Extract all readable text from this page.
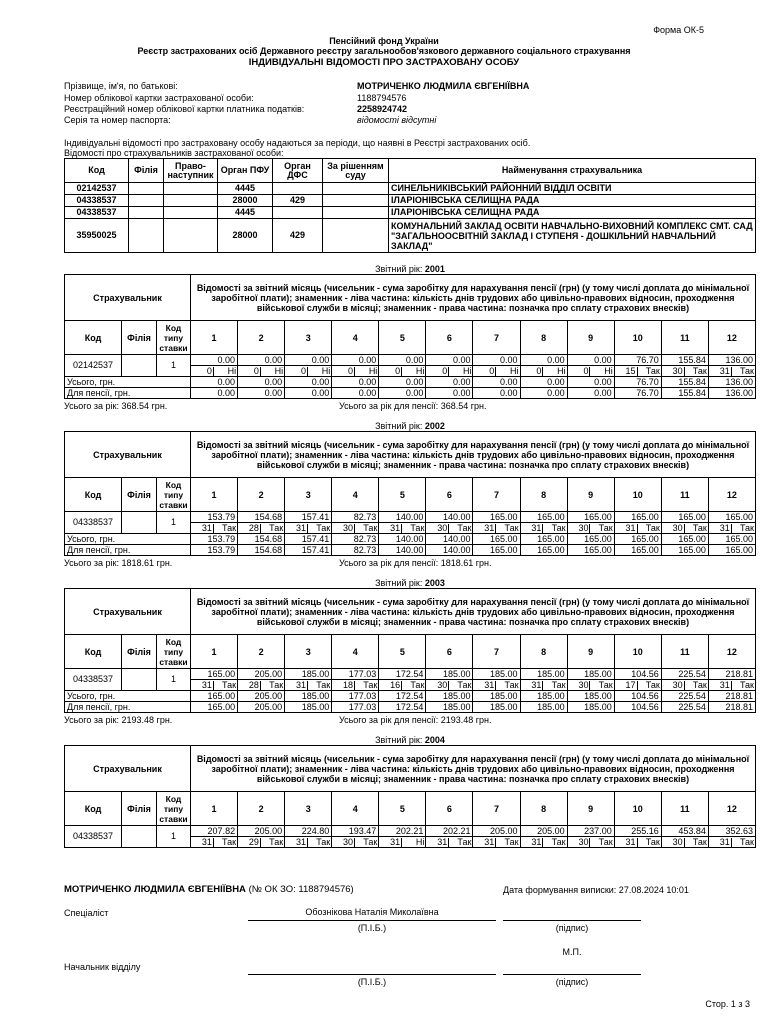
Форма ОК-5
Пенсійний фонд України
Реєстр застрахованих осіб Державного реєстру загальнообов'язкового державного соціального страхування
ІНДИВІДУАЛЬНІ ВІДОМОСТІ ПРО ЗАСТРАХОВАНУ ОСОБУ
Прізвище, ім'я, по батькові:	МОТРИЧЕНКО ЛЮДМИЛА ЄВГЕНІЇВНА
Номер облікової картки застрахованої особи:	1188794576
Реєстраційний номер облікової картки платника податків:	2258924742
Серія та номер паспорта:	відомості відсутні
Індивідуальні відомості про застраховану особу надаються за періоди, що наявні в Реєстрі застрахованих осіб.
Відомості про страхувальників застрахованої особи:
Код	Філія	Право-наступник	Орган ПФУ	Орган ДФС	За рішенням суду	Найменування страхувальника
02142537			4445			СИНЕЛЬНИКІВСЬКИЙ РАЙОННИЙ ВІДДІЛ ОСВІТИ
04338537			28000	429		ІЛАРІОНІВСЬКА СЕЛИЩНА РАДА
04338537			4445			ІЛАРІОНІВСЬКА СЕЛИЩНА РАДА
35950025			28000	429		КОМУНАЛЬНИЙ ЗАКЛАД ОСВІТИ НАВЧАЛЬНО-ВИХОВНИЙ КОМПЛЕКС СМТ. САД "ЗАГАЛЬНООСВІТНІЙ ЗАКЛАД І СТУПЕНЯ - ДОШКІЛЬНИЙ НАВЧАЛЬНИЙ ЗАКЛАД"
Звітний рік: 2001
Страхувальник			Відомості за звітний місяць (чисельник - сума заробітку для нарахування пенсії (грн) (у тому числі доплата до мінімальної заробітної плати); знаменник - ліва частина: кількість днів трудових або цивільно-правових відносин, проходження військової служби в місяці; знаменник - права частина: позначка про сплату страхових внесків)											
Код	Філія	Код типу ставки	1	2	3	4	5	6	7	8	9	10	11	12
02142537		1	0.00	0.00	0.00	0.00	0.00	0.00	0.00	0.00	0.00	76.70	155.84	136.00

			0 Ні	0 Ні	0 Ні	0 Ні	0 Ні	0 Ні	0 Ні	0 Ні	0 Ні	15 Так	30 Так	31 Так

Усього, грн.			0.00	0.00	0.00	0.00	0.00	0.00	0.00	0.00	0.00	76.70	155.84	136.00
Для пенсії, грн.			0.00	0.00	0.00	0.00	0.00	0.00	0.00	0.00	0.00	76.70	155.84	136.00
Усього за рік: 368.54 грн.	Усього за рік для пенсії: 368.54 грн.
Звітний рік: 2002
Страхувальник			Відомості за звітний місяць (чисельник - сума заробітку для нарахування пенсії (грн) (у тому числі доплата до мінімальної заробітної плати); знаменник - ліва частина: кількість днів трудових або цивільно-правових відносин, проходження військової служби в місяці; знаменник - права частина: позначка про сплату страхових внесків)											
Код	Філія	Код типу ставки	1	2	3	4	5	6	7	8	9	10	11	12
04338537		1	153.79	154.68	157.41	82.73	140.00	140.00	165.00	165.00	165.00	165.00	165.00	165.00

			31 Так	28 Так	31 Так	30 Так	31 Так	30 Так	31 Так	31 Так	30 Так	31 Так	30 Так	31 Так

Усього, грн.			153.79	154.68	157.41	82.73	140.00	140.00	165.00	165.00	165.00	165.00	165.00	165.00
Для пенсії, грн.			153.79	154.68	157.41	82.73	140.00	140.00	165.00	165.00	165.00	165.00	165.00	165.00
Усього за рік: 1818.61 грн.	Усього за рік для пенсії: 1818.61 грн.
Звітний рік: 2003
Страхувальник			Відомості за звітний місяць (чисельник - сума заробітку для нарахування пенсії (грн) (у тому числі доплата до мінімальної заробітної плати); знаменник - ліва частина: кількість днів трудових або цивільно-правових відносин, проходження військової служби в місяці; знаменник - права частина: позначка про сплату страхових внесків)											
Код	Філія	Код типу ставки	1	2	3	4	5	6	7	8	9	10	11	12
04338537		1	165.00	205.00	185.00	177.03	172.54	185.00	185.00	185.00	185.00	104.56	225.54	218.81

			31 Так	28 Так	31 Так	18 Так	16 Так	30 Так	31 Так	31 Так	30 Так	17 Так	30 Так	31 Так

Усього, грн.			165.00	205.00	185.00	177.03	172.54	185.00	185.00	185.00	185.00	104.56	225.54	218.81
Для пенсії, грн.			165.00	205.00	185.00	177.03	172.54	185.00	185.00	185.00	185.00	104.56	225.54	218.81
Усього за рік: 2193.48 грн.	Усього за рік для пенсії: 2193.48 грн.
Звітний рік: 2004
Страхувальник			Відомості за звітний місяць (чисельник - сума заробітку для нарахування пенсії (грн) (у тому числі доплата до мінімальної заробітної плати); знаменник - ліва частина: кількість днів трудових або цивільно-правових відносин, проходження військової служби в місяці; знаменник - права частина: позначка про сплату страхових внесків)											
Код	Філія	Код типу ставки	1	2	3	4	5	6	7	8	9	10	11	12
04338537		1	207.82	205.00	224.80	193.47	202.21	202.21	205.00	205.00	237.00	255.16	453.84	352.63

			31 Так	29 Так	31 Так	30 Так	31 Ні	31 Так	31 Так	31 Так	30 Так	31 Так	30 Так	31 Так
МОТРИЧЕНКО ЛЮДМИЛА ЄВГЕНІЇВНА (№ ОК ЗО: 1188794576)	Дата формування виписки: 27.08.2024 10:01
Спеціаліст	Обознікова Наталія Миколаївна
(П.І.Б.)	(підпис)
М.П.
Начальник відділу
(П.І.Б.)	(підпис)
Стор. 1 з 3
